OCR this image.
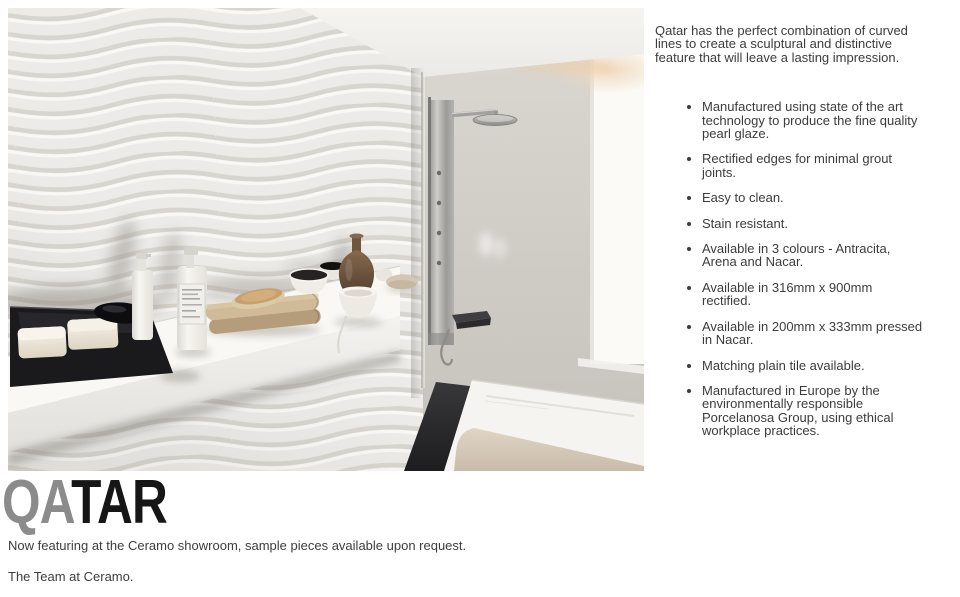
Qatar has the perfect combination of curved lines to create a sculptural and distinctive feature that will leave a lasting impression.

• Manufactured using state of the art technology to produce the fine quality pearl glaze.
• Rectified edges for minimal grout joints.
• Easy to clean.
• Stain resistant.
• Available in 3 colours - Antracita, Arena and Nacar.
• Available in 316mm x 900mm rectified.
• Available in 200mm x 333mm pressed in Nacar.
• Matching plain tile available.
• Manufactured in Europe by the environmentally responsible Porcelanosa Group, using ethical workplace practices.
QATAR

Now featuring at the Ceramo showroom, sample pieces available upon request.

The Team at Ceramo.
